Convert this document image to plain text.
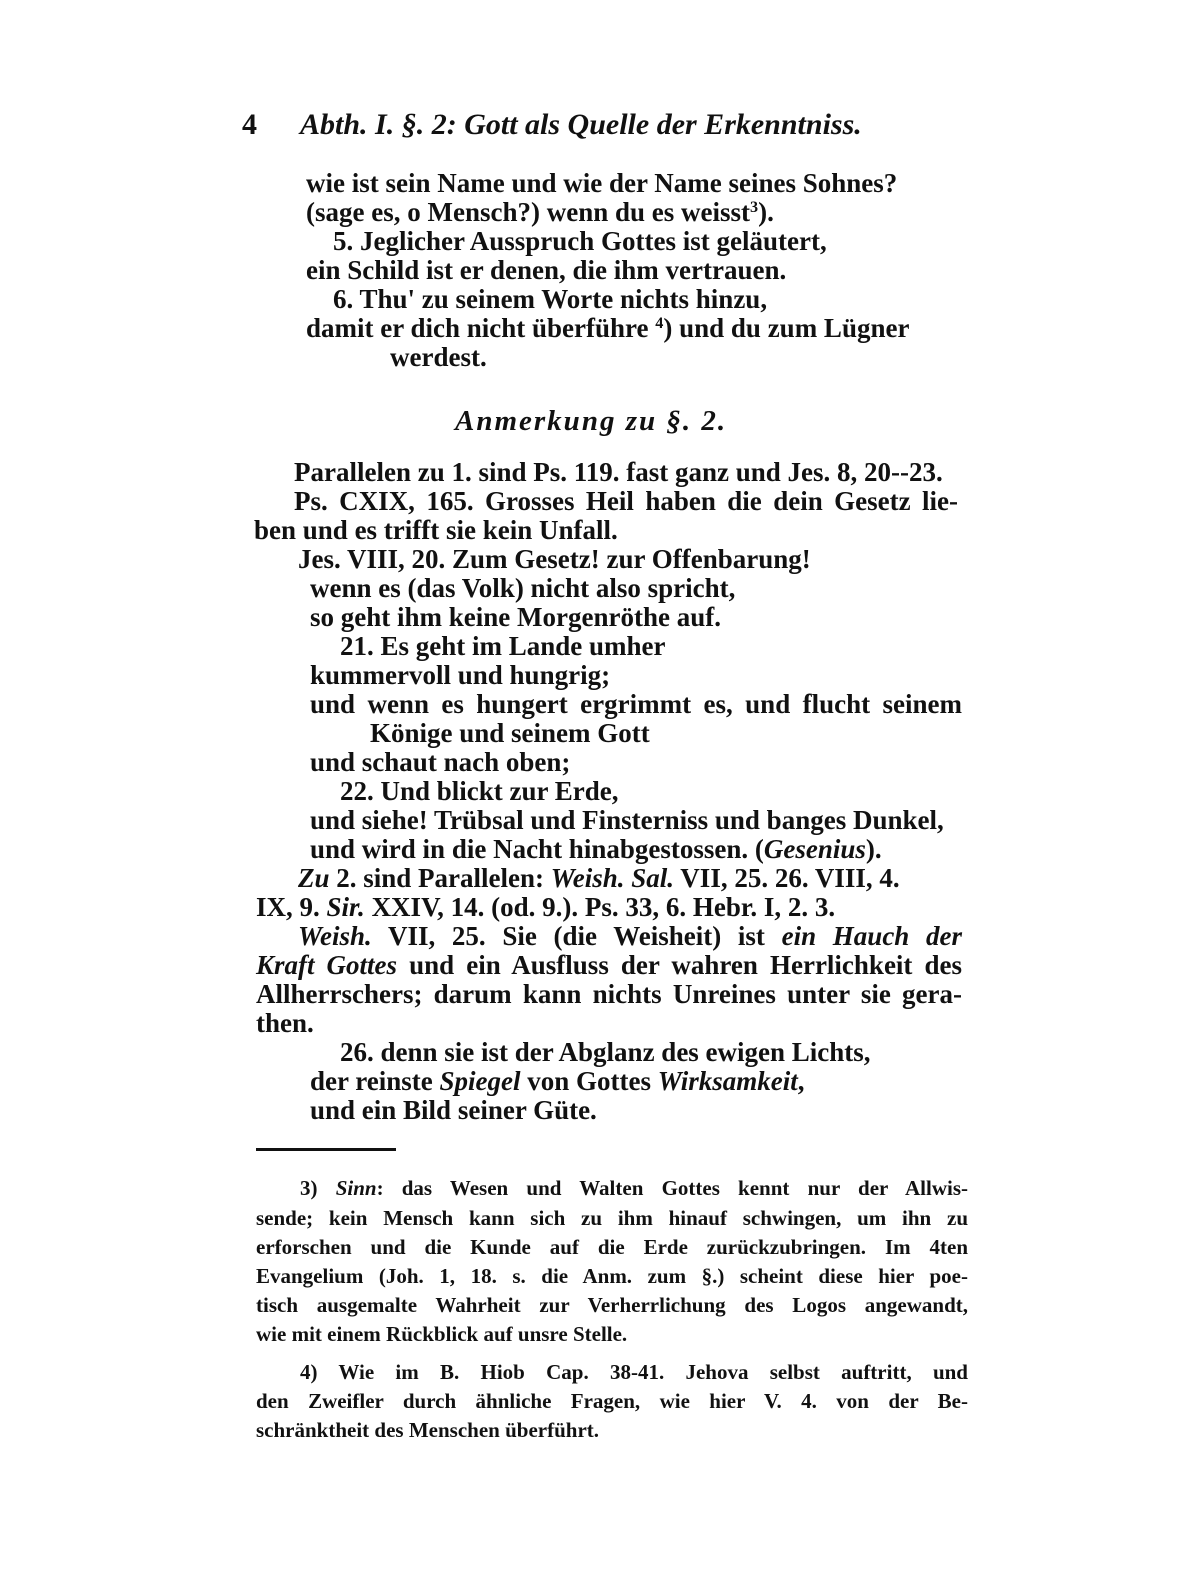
4 Abth. I. §. 2: Gott als Quelle der Erkenntniss.
wie ist sein Name und wie der Name seines Sohnes?
(sage es, o Mensch?) wenn du es weisst$^3$).
5. Jeglicher Ausspruch Gottes ist geläutert,
ein Schild ist er denen, die ihm vertrauen.
6. Thu' zu seinem Worte nichts hinzu,
damit er dich nicht überführe $^4$) und du zum Lügner
werdest.
Anmerkung zu §. 2.
Parallelen zu 1. sind Ps. 119. fast ganz und Jes. 8, 20--23.
Ps. CXIX, 165. Grosses Heil haben die dein Gesetz lie-
ben und es trifft sie kein Unfall.
Jes. VIII, 20. Zum Gesetz! zur Offenbarung!
wenn es (das Volk) nicht also spricht,
so geht ihm keine Morgenröthe auf.
21. Es geht im Lande umher
kummervoll und hungrig;
und wenn es hungert ergrimmt es, und flucht seinem
Könige und seinem Gott
und schaut nach oben;
22. Und blickt zur Erde,
und siehe! Trübsal und Finsterniss und banges Dunkel,
und wird in die Nacht hinabgestossen. (Gesenius).
Zu 2. sind Parallelen: Weish. Sal. VII, 25. 26. VIII, 4.
IX, 9. Sir. XXIV, 14. (od. 9.). Ps. 33, 6. Hebr. I, 2. 3.
Weish. VII, 25. Sie (die Weisheit) ist ein Hauch der
Kraft Gottes und ein Ausfluss der wahren Herrlichkeit des
Allherrschers; darum kann nichts Unreines unter sie gera-
then.
26. denn sie ist der Abglanz des ewigen Lichts,
der reinste Spiegel von Gottes Wirksamkeit,
und ein Bild seiner Güte.
3) Sinn: das Wesen und Walten Gottes kennt nur der Allwis-
sende; kein Mensch kann sich zu ihm hinauf schwingen, um ihn zu
erforschen und die Kunde auf die Erde zurückzubringen. Im 4ten
Evangelium (Joh. 1, 18. s. die Anm. zum §.) scheint diese hier poe-
tisch ausgemalte Wahrheit zur Verherrlichung des Logos angewandt,
wie mit einem Rückblick auf unsre Stelle.
4) Wie im B. Hiob Cap. 38-41. Jehova selbst auftritt, und
den Zweifler durch ähnliche Fragen, wie hier V. 4. von der Be-
schränktheit des Menschen überführt.
